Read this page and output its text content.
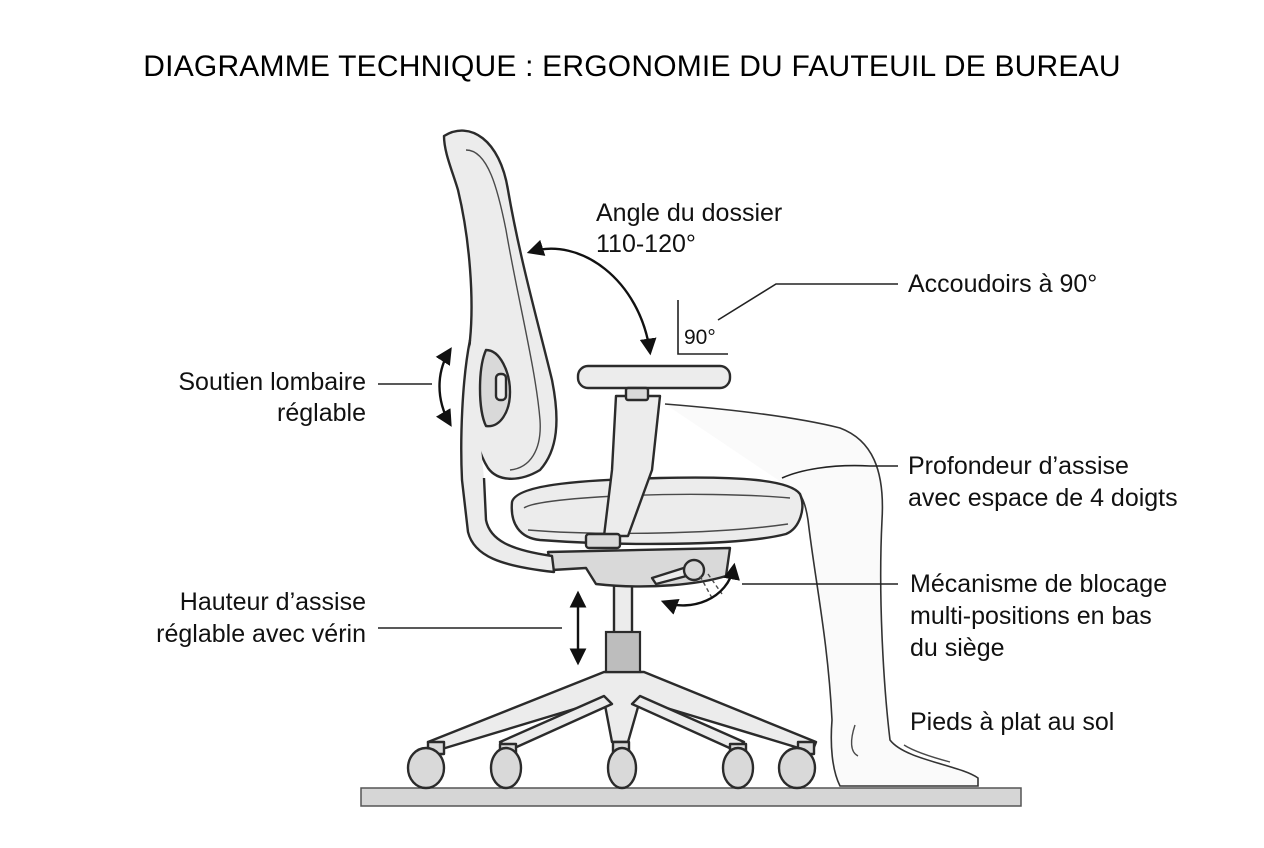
DIAGRAMME TECHNIQUE : ERGONOMIE DU FAUTEUIL DE BUREAU
Angle du dossier
110-120°
90°
Accoudoirs à 90°
Soutien lombaire
réglable
Profondeur d’assise
avec espace de 4 doigts
Hauteur d’assise
réglable avec vérin
Mécanisme de blocage
multi-positions en bas
du siège
Pieds à plat au sol
